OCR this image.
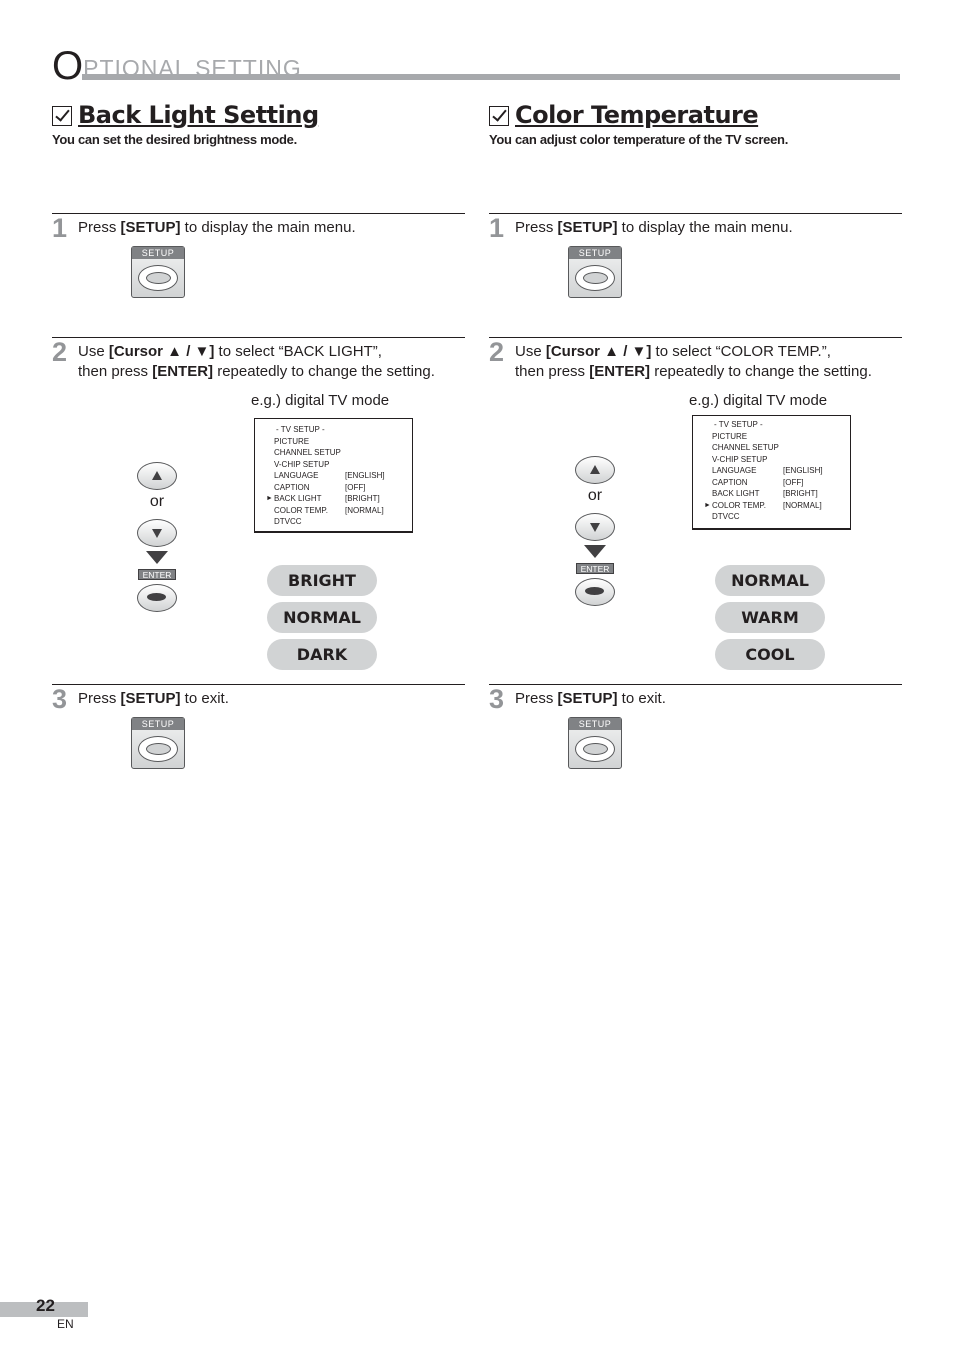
OPTIONAL SETTING
Back Light Setting
You can set the desired brightness mode.
1 Press [SETUP] to display the main menu.
SETUP
2 Use [Cursor ▲ / ▼] to select “BACK LIGHT”,
then press [ENTER] repeatedly to change the setting.
e.g.) digital TV mode
or
ENTER
- TV SETUP -
PICTURE
CHANNEL SETUP
V-CHIP SETUP
LANGUAGE	[ENGLISH]
CAPTION	[OFF]
► BACK LIGHT	[BRIGHT]
COLOR TEMP. [NORMAL]
DTVCC
BRIGHT
NORMAL
DARK
3 Press [SETUP] to exit.
SETUP
Color Temperature
You can adjust color temperature of the TV screen.
1 Press [SETUP] to display the main menu.
SETUP
2 Use [Cursor ▲ / ▼] to select “COLOR TEMP.”,
then press [ENTER] repeatedly to change the setting.
e.g.) digital TV mode
or
ENTER
- TV SETUP -
PICTURE
CHANNEL SETUP
V-CHIP SETUP
LANGUAGE	[ENGLISH]
CAPTION	[OFF]
BACK LIGHT	[BRIGHT]
► COLOR TEMP. [NORMAL]
DTVCC
NORMAL
WARM
COOL
3 Press [SETUP] to exit.
SETUP
22
EN
